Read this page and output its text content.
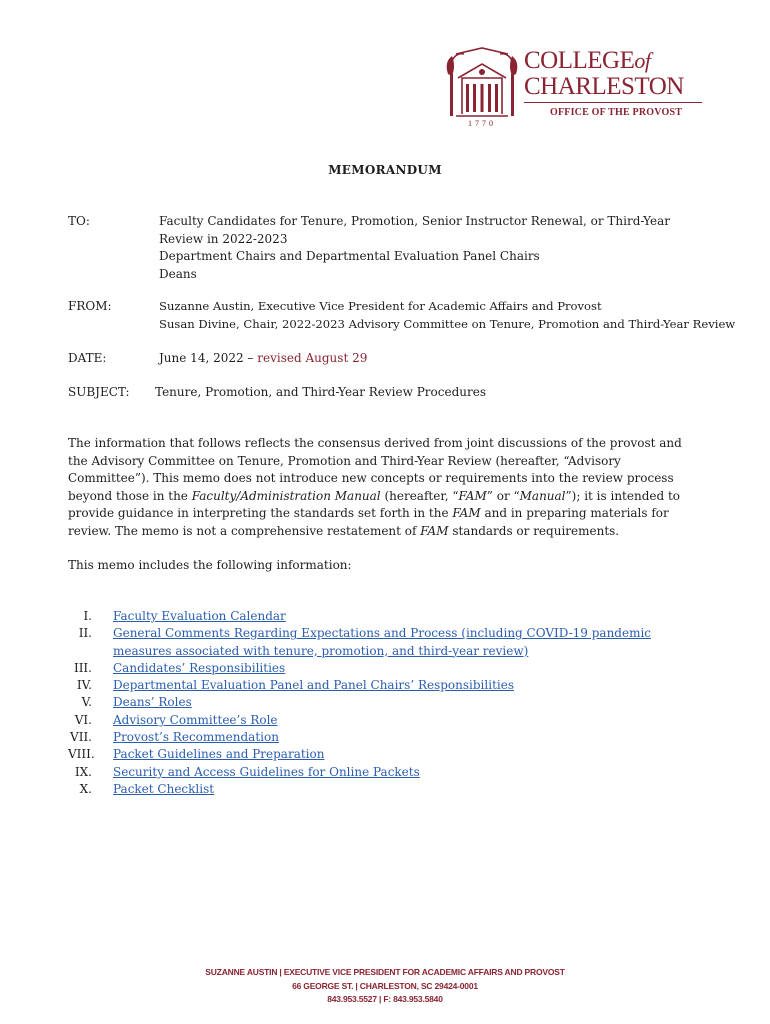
1770
COLLEGEof
CHARLESTON
OFFICE OF THE PROVOST
MEMORANDUM
TO:	Faculty Candidates for Tenure, Promotion, Senior Instructor Renewal, or Third-Year Review in 2022-2023
Department Chairs and Departmental Evaluation Panel Chairs
Deans
FROM:	Suzanne Austin, Executive Vice President for Academic Affairs and Provost
Susan Divine, Chair, 2022-2023 Advisory Committee on Tenure, Promotion and Third-Year Review
DATE:	June 14, 2022 – revised August 29
SUBJECT: Tenure, Promotion, and Third-Year Review Procedures
The information that follows reflects the consensus derived from joint discussions of the provost and the Advisory Committee on Tenure, Promotion and Third-Year Review (hereafter, “Advisory Committee”). This memo does not introduce new concepts or requirements into the review process beyond those in the Faculty/Administration Manual (hereafter, “FAM” or “Manual”); it is intended to provide guidance in interpreting the standards set forth in the FAM and in preparing materials for review. The memo is not a comprehensive restatement of FAM standards or requirements.
This memo includes the following information:
I. Faculty Evaluation Calendar
II. General Comments Regarding Expectations and Process (including COVID-19 pandemic measures associated with tenure, promotion, and third-year review)
III. Candidates’ Responsibilities
IV. Departmental Evaluation Panel and Panel Chairs’ Responsibilities
V. Deans’ Roles
VI. Advisory Committee’s Role
VII. Provost’s Recommendation
VIII. Packet Guidelines and Preparation
IX. Security and Access Guidelines for Online Packets
X. Packet Checklist
SUZANNE AUSTIN | EXECUTIVE VICE PRESIDENT FOR ACADEMIC AFFAIRS AND PROVOST
66 GEORGE ST. | CHARLESTON, SC 29424-0001
843.953.5527 | F: 843.953.5840
